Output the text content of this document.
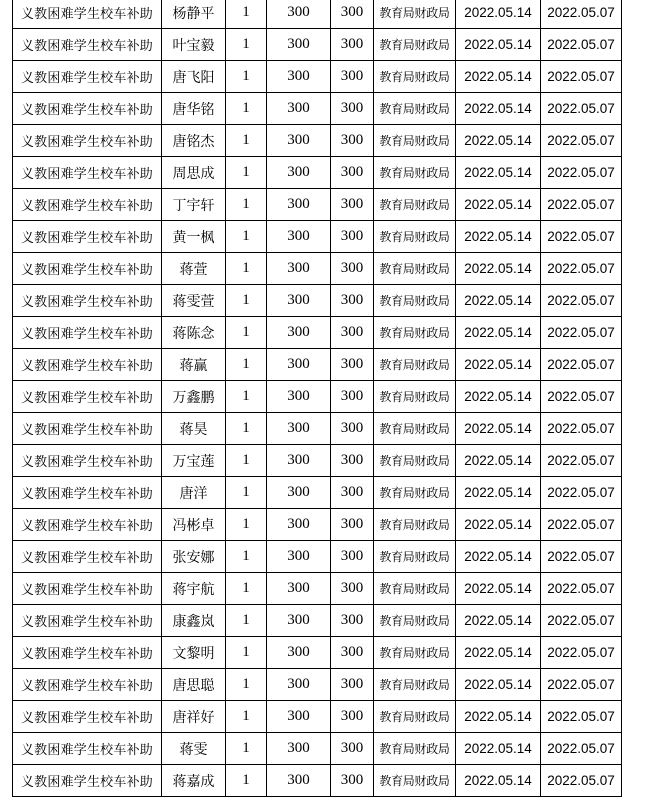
义教困难学生校车补助	杨静平	1	300	300	教育局财政局	2022.05.14	2022.05.07
义教困难学生校车补助	叶宝毅	1	300	300	教育局财政局	2022.05.14	2022.05.07
义教困难学生校车补助	唐飞阳	1	300	300	教育局财政局	2022.05.14	2022.05.07
义教困难学生校车补助	唐华铭	1	300	300	教育局财政局	2022.05.14	2022.05.07
义教困难学生校车补助	唐铭杰	1	300	300	教育局财政局	2022.05.14	2022.05.07
义教困难学生校车补助	周思成	1	300	300	教育局财政局	2022.05.14	2022.05.07
义教困难学生校车补助	丁宇轩	1	300	300	教育局财政局	2022.05.14	2022.05.07
义教困难学生校车补助	黄一枫	1	300	300	教育局财政局	2022.05.14	2022.05.07
义教困难学生校车补助	蒋萱	1	300	300	教育局财政局	2022.05.14	2022.05.07
义教困难学生校车补助	蒋雯萱	1	300	300	教育局财政局	2022.05.14	2022.05.07
义教困难学生校车补助	蒋陈念	1	300	300	教育局财政局	2022.05.14	2022.05.07
义教困难学生校车补助	蒋赢	1	300	300	教育局财政局	2022.05.14	2022.05.07
义教困难学生校车补助	万鑫鹏	1	300	300	教育局财政局	2022.05.14	2022.05.07
义教困难学生校车补助	蒋昊	1	300	300	教育局财政局	2022.05.14	2022.05.07
义教困难学生校车补助	万宝莲	1	300	300	教育局财政局	2022.05.14	2022.05.07
义教困难学生校车补助	唐洋	1	300	300	教育局财政局	2022.05.14	2022.05.07
义教困难学生校车补助	冯彬卓	1	300	300	教育局财政局	2022.05.14	2022.05.07
义教困难学生校车补助	张安娜	1	300	300	教育局财政局	2022.05.14	2022.05.07
义教困难学生校车补助	蒋宇航	1	300	300	教育局财政局	2022.05.14	2022.05.07
义教困难学生校车补助	康鑫岚	1	300	300	教育局财政局	2022.05.14	2022.05.07
义教困难学生校车补助	文黎明	1	300	300	教育局财政局	2022.05.14	2022.05.07
义教困难学生校车补助	唐思聪	1	300	300	教育局财政局	2022.05.14	2022.05.07
义教困难学生校车补助	唐祥好	1	300	300	教育局财政局	2022.05.14	2022.05.07
义教困难学生校车补助	蒋雯	1	300	300	教育局财政局	2022.05.14	2022.05.07
义教困难学生校车补助	蒋嘉成	1	300	300	教育局财政局	2022.05.14	2022.05.07
